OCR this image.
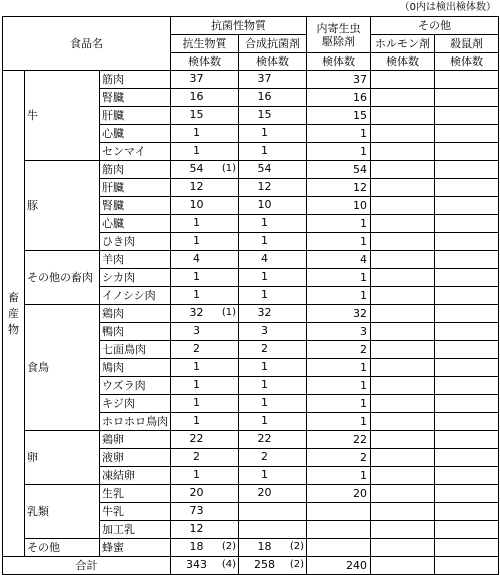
（0内は検出検体数）
食品名			抗菌性物質		内寄生虫
駆除剤	その他	
			抗生物質	合成抗菌剤		ホルモン剤	殺鼠剤
			検体数	検体数	検体数	検体数	検体数

畜
産
物	牛	筋肉	37	37	37		
		腎臓	16	16	16		
		肝臓	15	15	15		
		心臓	1	1	1		
		センマイ	1	1	1		
	豚	筋肉	54 (1)	54	54		
		肝臓	12	12	12		
		腎臓	10	10	10		
		心臓	1	1	1		
		ひき肉	1	1	1		
	その他の畜肉	羊肉	4	4	4		
		シカ肉	1	1	1		
		イノシシ肉	1	1	1		
	食鳥	鶏肉	32 (1)	32	32		
		鴨肉	3	3	3		
		七面鳥肉	2	2	2		
		鳩肉	1	1	1		
		ウズラ肉	1	1	1		
		キジ肉	1	1	1		
		ホロホロ鳥肉	1	1	1		
	卵	鶏卵	22	22	22		
		液卵	2	2	2		
		凍結卵	1	1	1		
	乳類	生乳	20	20	20		
		牛乳	73				

		加工乳	12				

	その他	蜂蜜	18 (2)	18 (2)			

合計			343 (4)	258 (2)	240		
